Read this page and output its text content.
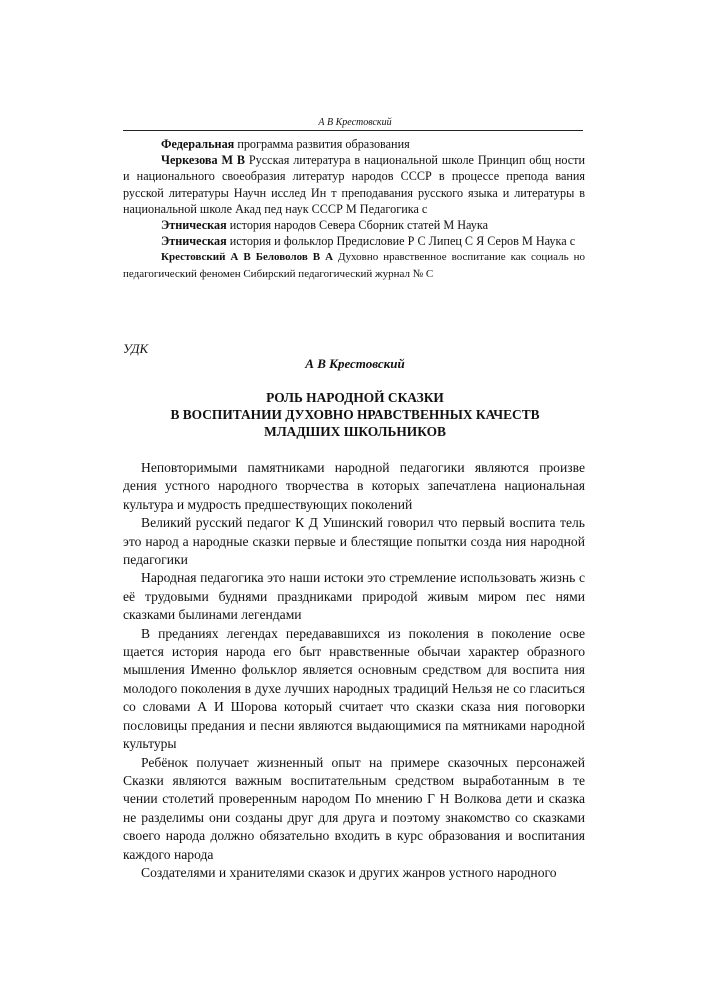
А В Крестовский

Федеральная программа развития образования

Черкезова М В Русская литература в национальной школе Принцип общ ности и национального своеобразия литератур народов СССР в процессе препода вания русской литературы Научн исслед Ин т преподавания русского языка и литературы в национальной школе Акад пед наук СССР М Педагогика с

Этническая история народов Севера Сборник статей М Наука

Этническая история и фольклор Предисловие Р С Липец С Я Серов М Наука с

Крестовский А В Беловолов В А Духовно нравственное воспитание как социаль но педагогический феномен Сибирский педагогический журнал № С

УДК
А В Крестовский
РОЛЬ НАРОДНОЙ СКАЗКИ
В ВОСПИТАНИИ ДУХОВНО НРАВСТВЕННЫХ КАЧЕСТВ
МЛАДШИХ ШКОЛЬНИКОВ

Неповторимыми памятниками народной педагогики являются произве дения устного народного творчества в которых запечатлена национальная культура и мудрость предшествующих поколений

Великий русский педагог К Д Ушинский говорил что первый воспита тель это народ а народные сказки первые и блестящие попытки созда ния народной педагогики

Народная педагогика это наши истоки это стремление использовать жизнь с её трудовыми буднями праздниками природой живым миром пес нями сказками былинами легендами

В преданиях легендах передававшихся из поколения в поколение осве щается история народа его быт нравственные обычаи характер образного мышления Именно фольклор является основным средством для воспита ния молодого поколения в духе лучших народных традиций Нельзя не со гласиться со словами А И Шорова который считает что сказки сказа ния поговорки пословицы предания и песни являются выдающимися па мятниками народной культуры

Ребёнок получает жизненный опыт на примере сказочных персонажей Сказки являются важным воспитательным средством выработанным в те чении столетий проверенным народом По мнению Г Н Волкова дети и сказка не разделимы они созданы друг для друга и поэтому знакомство со сказками своего народа должно обязательно входить в курс образования и воспитания каждого народа

Создателями и хранителями сказок и других жанров устного народного
